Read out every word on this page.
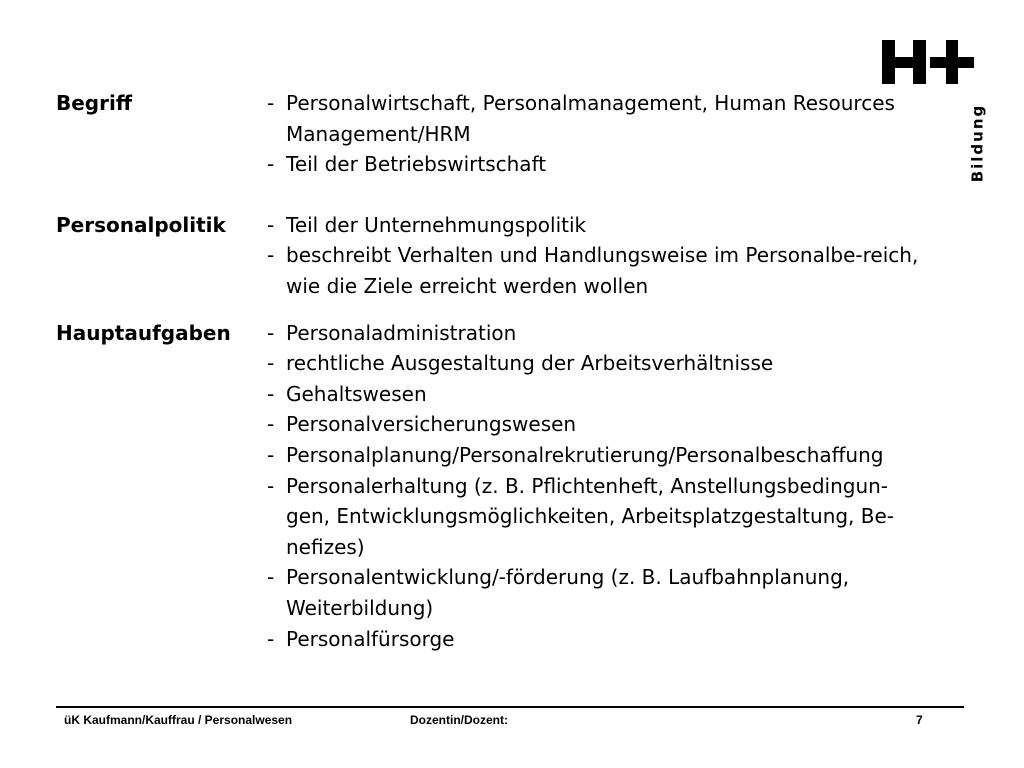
Bildung
Begriff	- Personalwirtschaft, Personalmanagement, Human Resources Management/HRM
- Teil der Betriebswirtschaft
Personalpolitik	- Teil der Unternehmungspolitik
- beschreibt Verhalten und Handlungsweise im Personalbe-reich, wie die Ziele erreicht werden wollen
Hauptaufgaben	- Personaladministration
- rechtliche Ausgestaltung der Arbeitsverhältnisse
- Gehaltswesen
- Personalversicherungswesen
- Personalplanung/Personalrekrutierung/Personalbeschaffung
- Personalerhaltung (z. B. Pflichtenheft, Anstellungsbedingun-gen, Entwicklungsmöglichkeiten, Arbeitsplatzgestaltung, Be-nefizes)
- Personalentwicklung/-förderung (z. B. Laufbahnplanung, Weiterbildung)
- Personalfürsorge
üK Kaufmann/Kauffrau / Personalwesen	Dozentin/Dozent:	7
